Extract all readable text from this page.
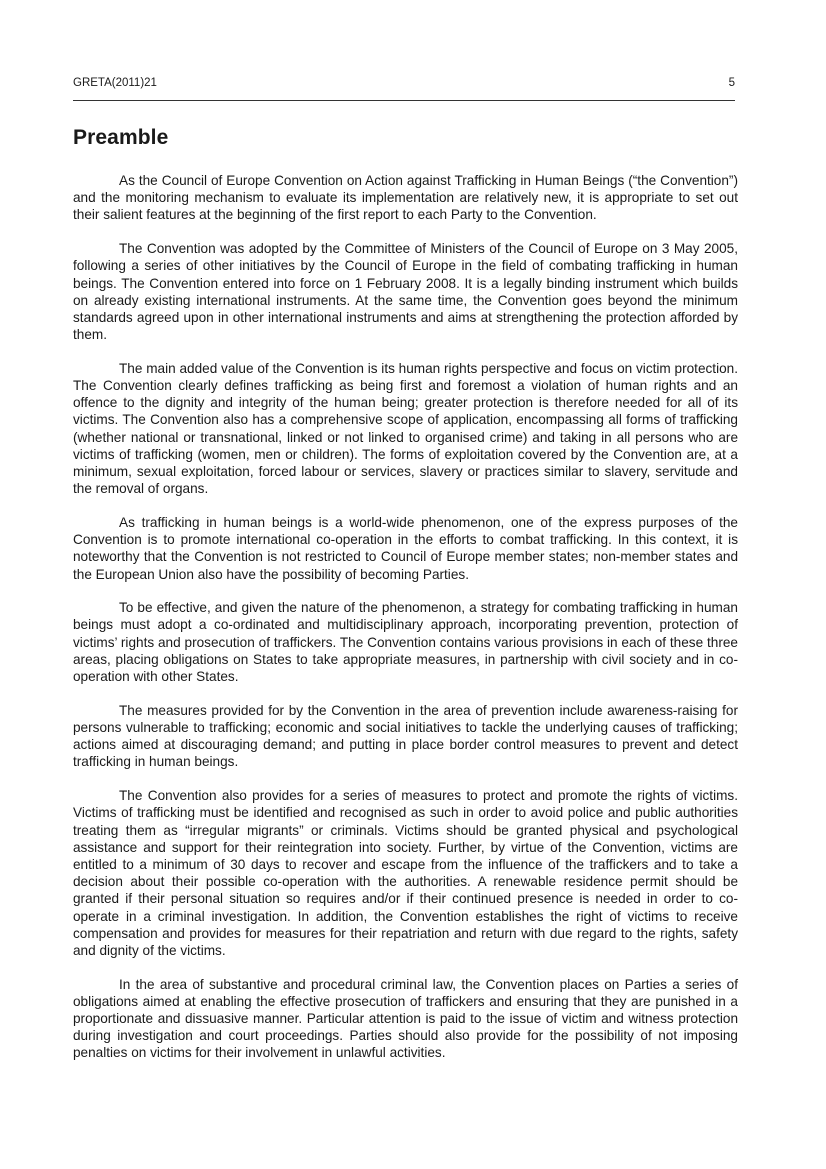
GRETA(2011)21	5
Preamble

As the Council of Europe Convention on Action against Trafficking in Human Beings (“the Convention”) and the monitoring mechanism to evaluate its implementation are relatively new, it is appropriate to set out their salient features at the beginning of the first report to each Party to the Convention.

The Convention was adopted by the Committee of Ministers of the Council of Europe on 3 May 2005, following a series of other initiatives by the Council of Europe in the field of combating trafficking in human beings. The Convention entered into force on 1 February 2008. It is a legally binding instrument which builds on already existing international instruments. At the same time, the Convention goes beyond the minimum standards agreed upon in other international instruments and aims at strengthening the protection afforded by them.

The main added value of the Convention is its human rights perspective and focus on victim protection. The Convention clearly defines trafficking as being first and foremost a violation of human rights and an offence to the dignity and integrity of the human being; greater protection is therefore needed for all of its victims. The Convention also has a comprehensive scope of application, encompassing all forms of trafficking (whether national or transnational, linked or not linked to organised crime) and taking in all persons who are victims of trafficking (women, men or children). The forms of exploitation covered by the Convention are, at a minimum, sexual exploitation, forced labour or services, slavery or practices similar to slavery, servitude and the removal of organs.

As trafficking in human beings is a world-wide phenomenon, one of the express purposes of the Convention is to promote international co-operation in the efforts to combat trafficking. In this context, it is noteworthy that the Convention is not restricted to Council of Europe member states; non-member states and the European Union also have the possibility of becoming Parties.

To be effective, and given the nature of the phenomenon, a strategy for combating trafficking in human beings must adopt a co-ordinated and multidisciplinary approach, incorporating prevention, protection of victims’ rights and prosecution of traffickers. The Convention contains various provisions in each of these three areas, placing obligations on States to take appropriate measures, in partnership with civil society and in co-operation with other States.

The measures provided for by the Convention in the area of prevention include awareness-raising for persons vulnerable to trafficking; economic and social initiatives to tackle the underlying causes of trafficking; actions aimed at discouraging demand; and putting in place border control measures to prevent and detect trafficking in human beings.

The Convention also provides for a series of measures to protect and promote the rights of victims. Victims of trafficking must be identified and recognised as such in order to avoid police and public authorities treating them as “irregular migrants” or criminals. Victims should be granted physical and psychological assistance and support for their reintegration into society. Further, by virtue of the Convention, victims are entitled to a minimum of 30 days to recover and escape from the influence of the traffickers and to take a decision about their possible co-operation with the authorities. A renewable residence permit should be granted if their personal situation so requires and/or if their continued presence is needed in order to co-operate in a criminal investigation. In addition, the Convention establishes the right of victims to receive compensation and provides for measures for their repatriation and return with due regard to the rights, safety and dignity of the victims.

In the area of substantive and procedural criminal law, the Convention places on Parties a series of obligations aimed at enabling the effective prosecution of traffickers and ensuring that they are punished in a proportionate and dissuasive manner. Particular attention is paid to the issue of victim and witness protection during investigation and court proceedings. Parties should also provide for the possibility of not imposing penalties on victims for their involvement in unlawful activities.
